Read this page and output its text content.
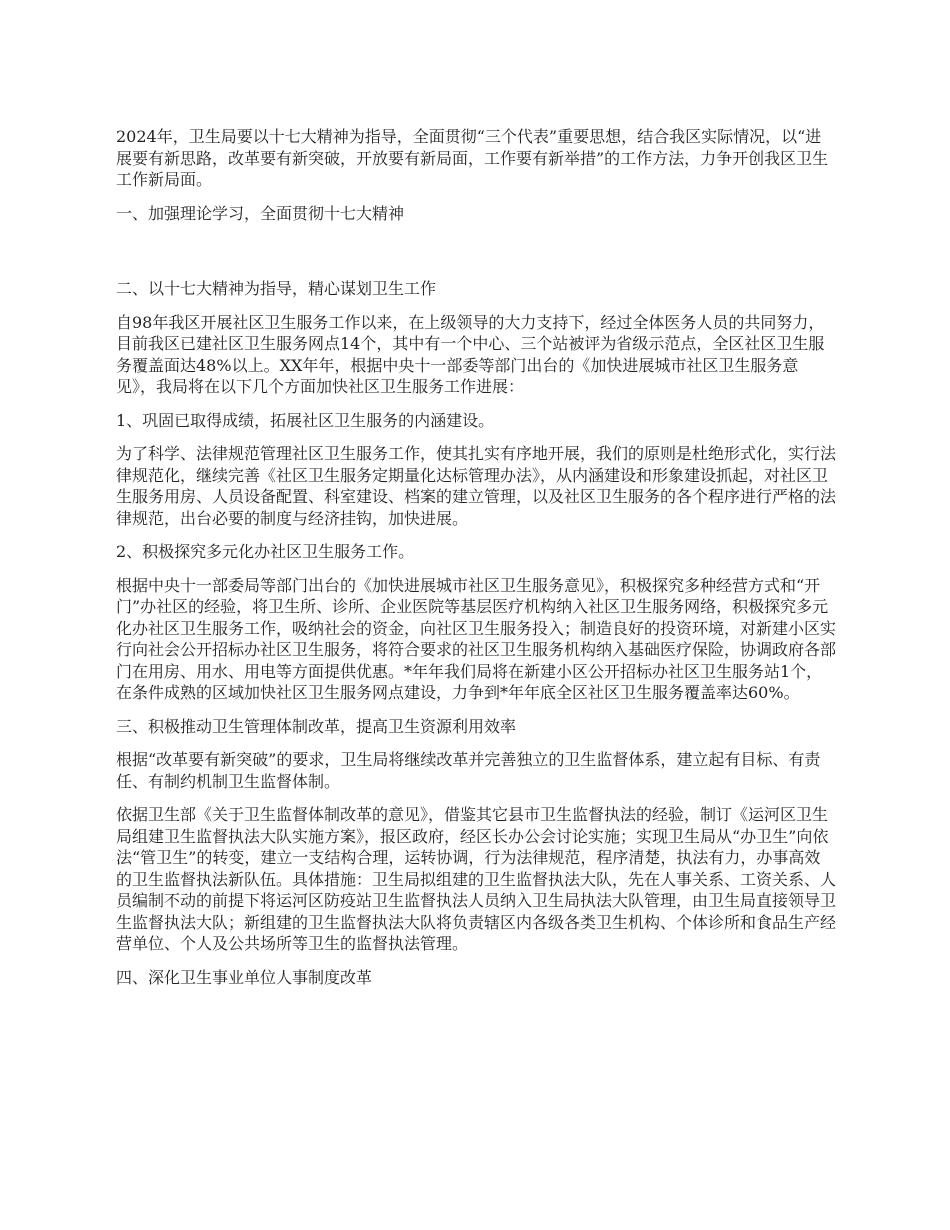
2024年，卫生局要以十七大精神为指导，全面贯彻“三个代表”重要思想，结合我区实际情况，以“进展要有新思路，改革要有新突破，开放要有新局面，工作要有新举措”的工作方法，力争开创我区卫生工作新局面。

一、加强理论学习，全面贯彻十七大精神

二、以十七大精神为指导，精心谋划卫生工作

自98年我区开展社区卫生服务工作以来，在上级领导的大力支持下，经过全体医务人员的共同努力，目前我区已建社区卫生服务网点14个，其中有一个中心、三个站被评为省级示范点，全区社区卫生服务覆盖面达48%以上。XX年年，根据中央十一部委等部门出台的《加快进展城市社区卫生服务意见》，我局将在以下几个方面加快社区卫生服务工作进展：

1、巩固已取得成绩，拓展社区卫生服务的内涵建设。

为了科学、法律规范管理社区卫生服务工作，使其扎实有序地开展，我们的原则是杜绝形式化，实行法律规范化，继续完善《社区卫生服务定期量化达标管理办法》，从内涵建设和形象建设抓起，对社区卫生服务用房、人员设备配置、科室建设、档案的建立管理，以及社区卫生服务的各个程序进行严格的法律规范，出台必要的制度与经济挂钩，加快进展。

2、积极探究多元化办社区卫生服务工作。

根据中央十一部委局等部门出台的《加快进展城市社区卫生服务意见》，积极探究多种经营方式和“开门”办社区的经验，将卫生所、诊所、企业医院等基层医疗机构纳入社区卫生服务网络，积极探究多元化办社区卫生服务工作，吸纳社会的资金，向社区卫生服务投入；制造良好的投资环境，对新建小区实行向社会公开招标办社区卫生服务，将符合要求的社区卫生服务机构纳入基础医疗保险，协调政府各部门在用房、用水、用电等方面提供优惠。*年年我们局将在新建小区公开招标办社区卫生服务站1个，在条件成熟的区域加快社区卫生服务网点建设，力争到*年年底全区社区卫生服务覆盖率达60%。

三、积极推动卫生管理体制改革，提高卫生资源利用效率

根据“改革要有新突破”的要求，卫生局将继续改革并完善独立的卫生监督体系，建立起有目标、有责任、有制约机制卫生监督体制。

依据卫生部《关于卫生监督体制改革的意见》，借鉴其它县市卫生监督执法的经验，制订《运河区卫生局组建卫生监督执法大队实施方案》，报区政府，经区长办公会讨论实施；实现卫生局从“办卫生”向依法“管卫生”的转变，建立一支结构合理，运转协调，行为法律规范，程序清楚，执法有力，办事高效的卫生监督执法新队伍。具体措施：卫生局拟组建的卫生监督执法大队，先在人事关系、工资关系、人员编制不动的前提下将运河区防疫站卫生监督执法人员纳入卫生局执法大队管理，由卫生局直接领导卫生监督执法大队；新组建的卫生监督执法大队将负责辖区内各级各类卫生机构、个体诊所和食品生产经营单位、个人及公共场所等卫生的监督执法管理。

四、深化卫生事业单位人事制度改革
